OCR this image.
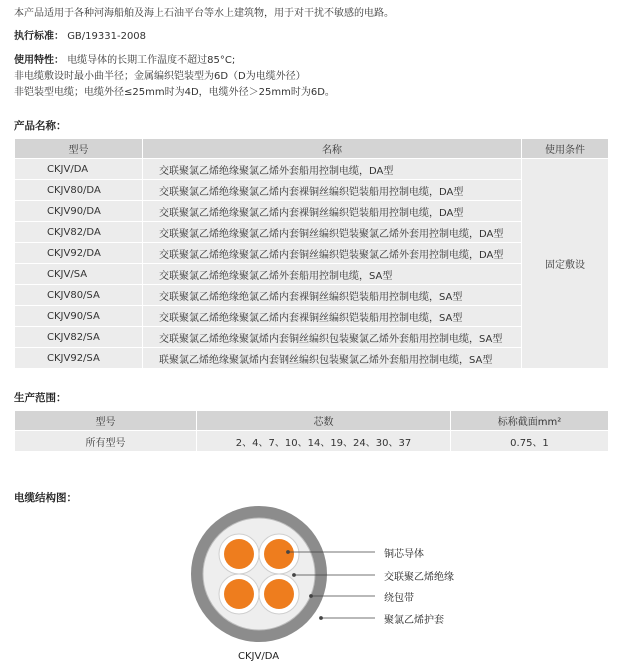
本产品适用于各种河海船舶及海上石油平台等水上建筑物，用于对干扰不敏感的电路。
执行标准： GB/19331-2008
使用特性： 电缆导体的长期工作温度不超过85°C;
非电缆敷设时最小曲半径；金属编织铠装型为6D（D为电缆外径）
非铠装型电缆；电缆外径≤25mm时为4D，电缆外径＞25mm时为6D。
产品名称：
型号	名称	使用条件
CKJV/DA	交联聚氯乙烯绝缘聚氯乙烯外套船用控制电缆，DA型	固定敷设
CKJV80/DA	交联聚氯乙烯绝缘聚氯乙烯内套裸铜丝编织铠装船用控制电缆，DA型	
CKJV90/DA	交联聚氯乙烯绝缘聚氯乙烯内套裸铜丝编织铠装船用控制电缆，DA型	
CKJV82/DA	交联聚氯乙烯绝缘聚氯乙烯内套铜丝编织铠装聚氯乙烯外套用控制电缆，DA型	
CKJV92/DA	交联聚氯乙烯绝缘聚氯乙烯内套铜丝编织铠装聚氯乙烯外套用控制电缆，DA型	
CKJV/SA	交联聚氯乙烯绝缘聚氯乙烯外套船用控制电缆，SA型	
CKJV80/SA	交联聚氯乙烯绝缘绝氯乙烯内套裸铜丝编织铠装船用控制电缆，SA型	
CKJV90/SA	交联聚氯乙烯绝缘聚氯乙烯内套裸铜丝编织铠装船用控制电缆，SA型	
CKJV82/SA	交联聚氯乙烯绝缘聚氯烯内套铜丝编织包装聚氯乙烯外套船用控制电缆，SA型	
CKJV92/SA	联聚氯乙烯绝缘聚氯烯内套钢丝编织包装聚氯乙烯外套船用控制电缆，SA型	
生产范围：
型号	芯数	标称截面mm²
所有型号	2、4、7、10、14、19、24、30、37	0.75、1
电缆结构图：
铜芯导体
交联聚乙烯绝缘
绕包带
聚氯乙烯护套
CKJV/DA
